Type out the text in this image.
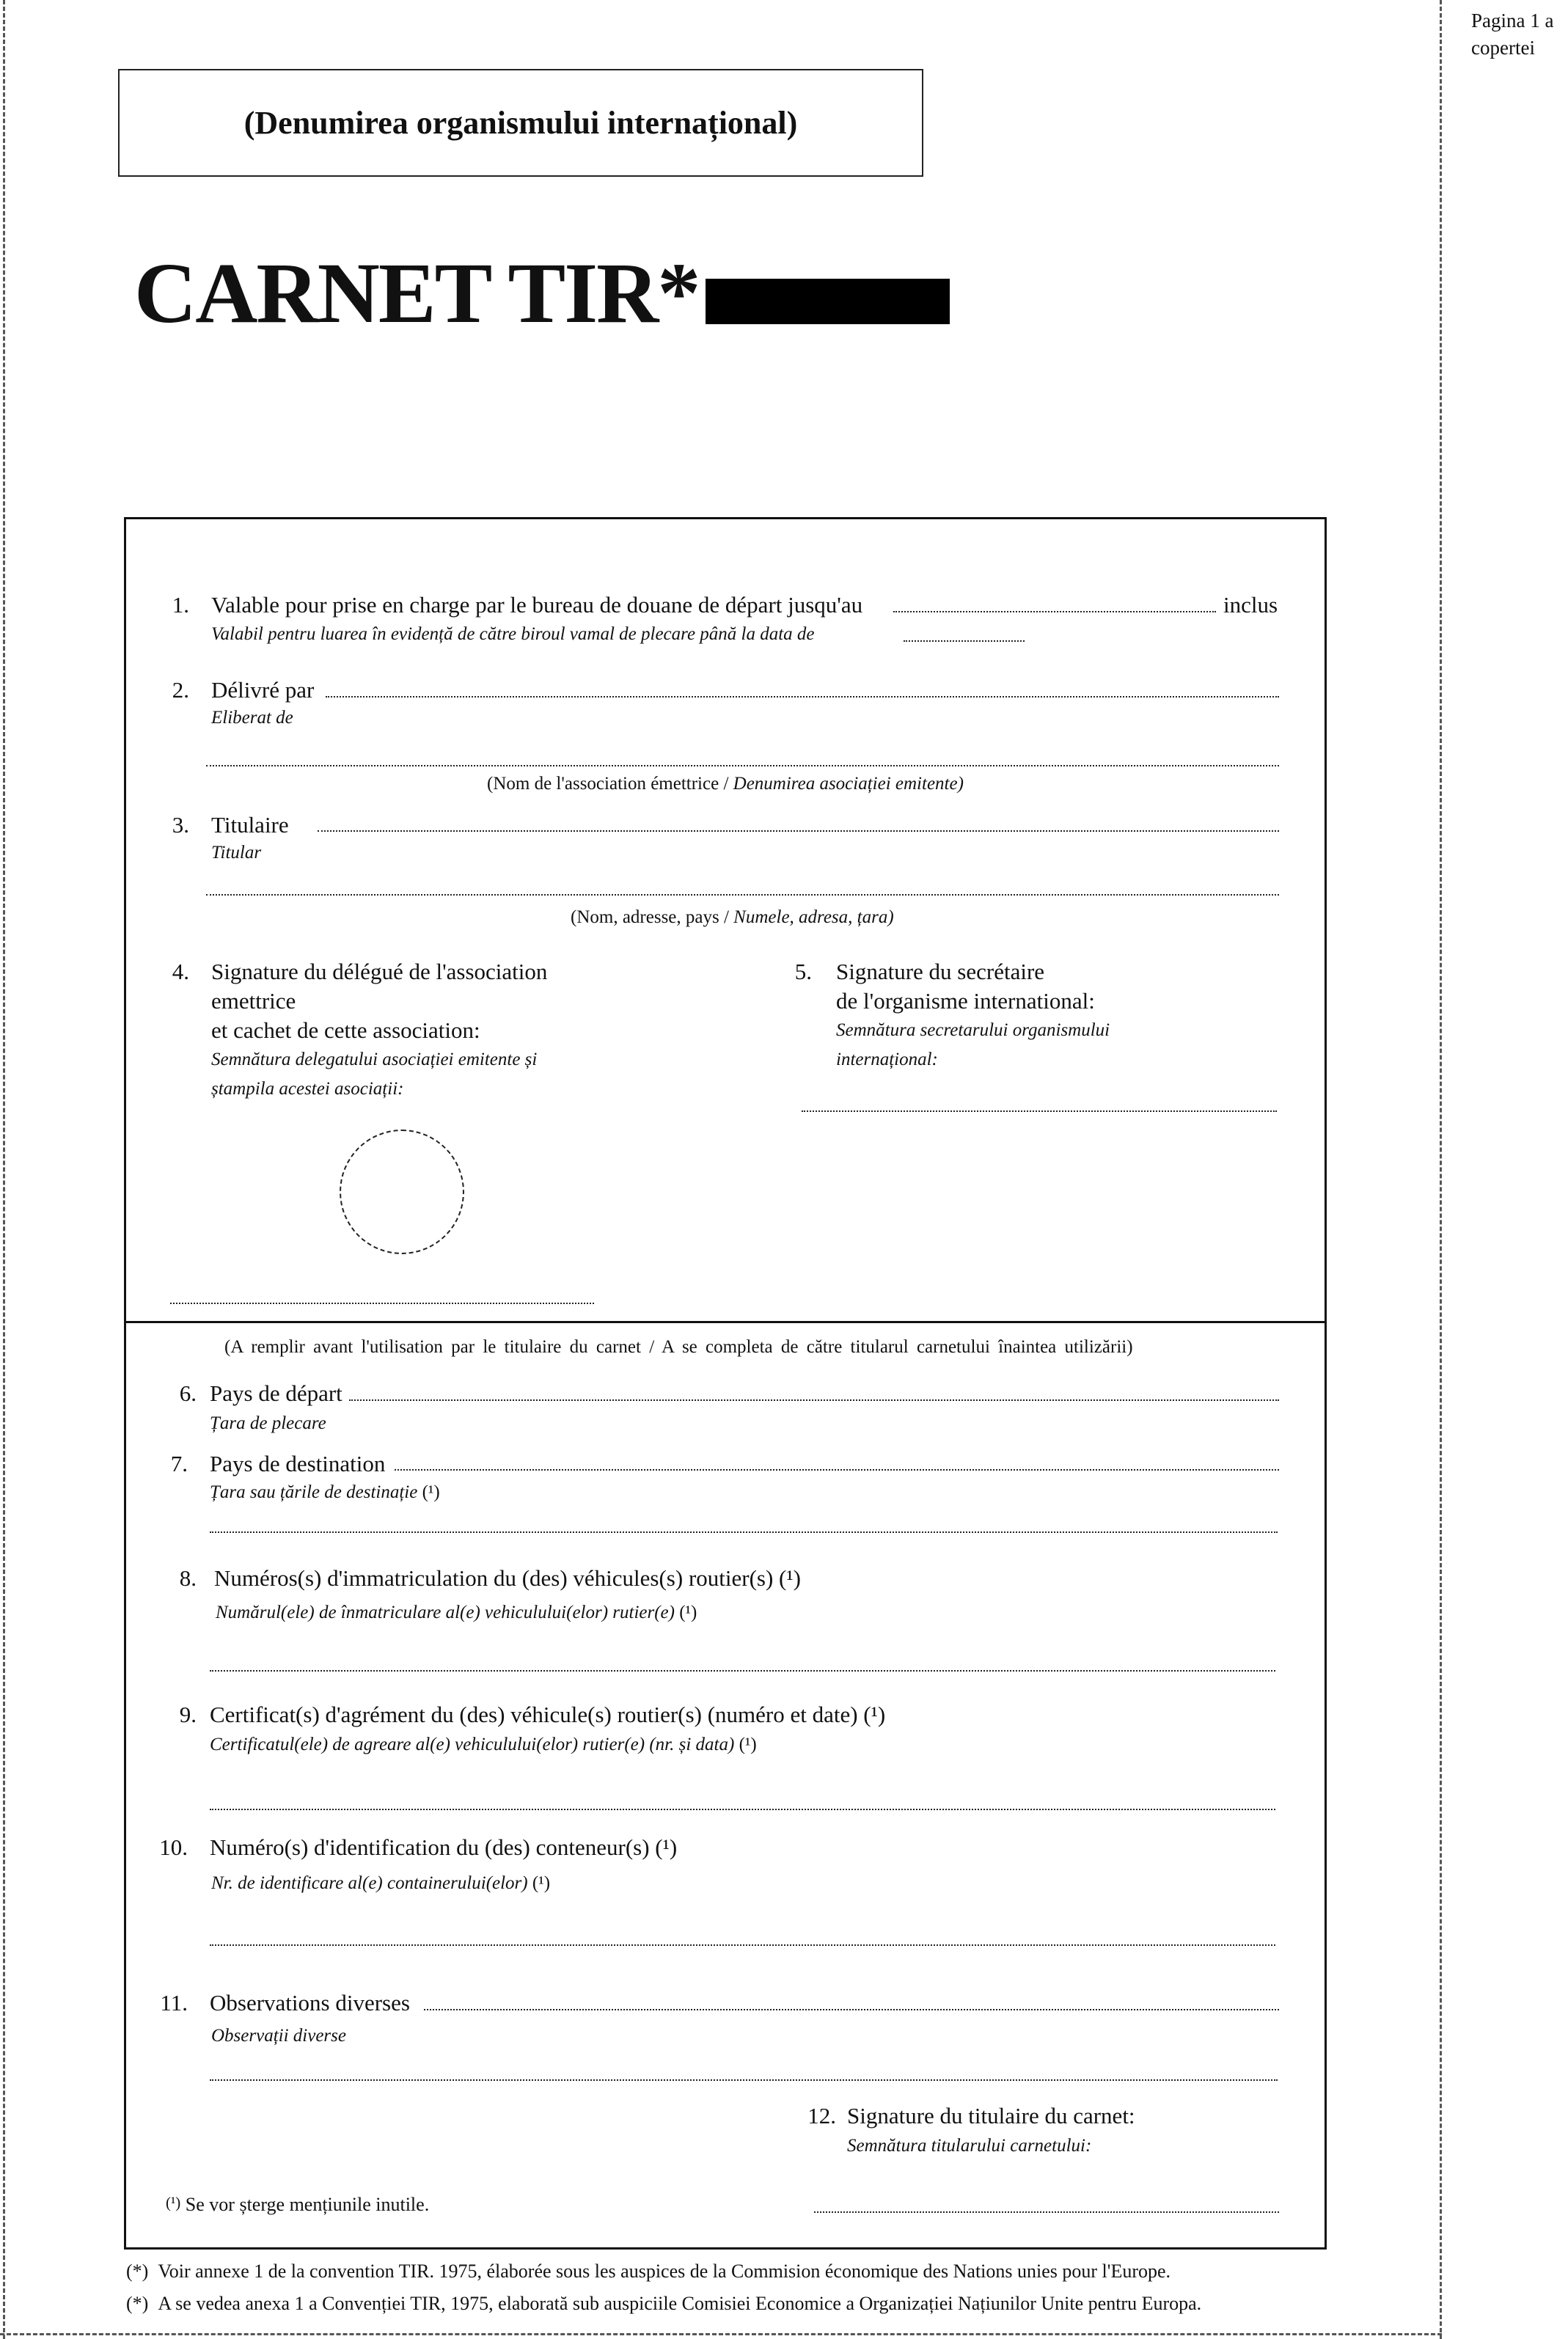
Pagina 1 a
copertei
(Denumirea organismului internațional)
CARNET TIR*
1. Valable pour prise en charge par le bureau de douane de départ jusqu'au	inclus
Valabil pentru luarea în evidență de către biroul vamal de plecare până la data de
2. Délivré par
Eliberat de
(Nom de l'association émettrice / Denumirea asociației emitente)
3. Titulaire
Titular
(Nom, adresse, pays / Numele, adresa, țara)
4. Signature du délégué de l'association
emettrice
et cachet de cette association:
Semnătura delegatului asociației emitente și
ștampila acestei asociații:
5. Signature du secrétaire
de l'organisme international:
Semnătura secretarului organismului
internațional:
(A remplir avant l'utilisation par le titulaire du carnet / A se completa de către titularul carnetului înaintea utilizării)
6. Pays de départ
Țara de plecare
7. Pays de destination
Țara sau țările de destinație (¹)
8. Numéros(s) d'immatriculation du (des) véhicules(s) routier(s) (¹)
Numărul(ele) de înmatriculare al(e) vehiculului(elor) rutier(e) (¹)
9. Certificat(s) d'agrément du (des) véhicule(s) routier(s) (numéro et date) (¹)
Certificatul(ele) de agreare al(e) vehiculului(elor) rutier(e) (nr. și data) (¹)
10. Numéro(s) d'identification du (des) conteneur(s) (¹)
Nr. de identificare al(e) containerului(elor) (¹)
11. Observations diverses
Observații diverse
12. Signature du titulaire du carnet:
Semnătura titularului carnetului:
(¹) Se vor șterge mențiunile inutile.
(*) Voir annexe 1 de la convention TIR. 1975, élaborée sous les auspices de la Commision économique des Nations unies pour l'Europe.
(*) A se vedea anexa 1 a Convenției TIR, 1975, elaborată sub auspiciile Comisiei Economice a Organizației Națiunilor Unite pentru Europa.
